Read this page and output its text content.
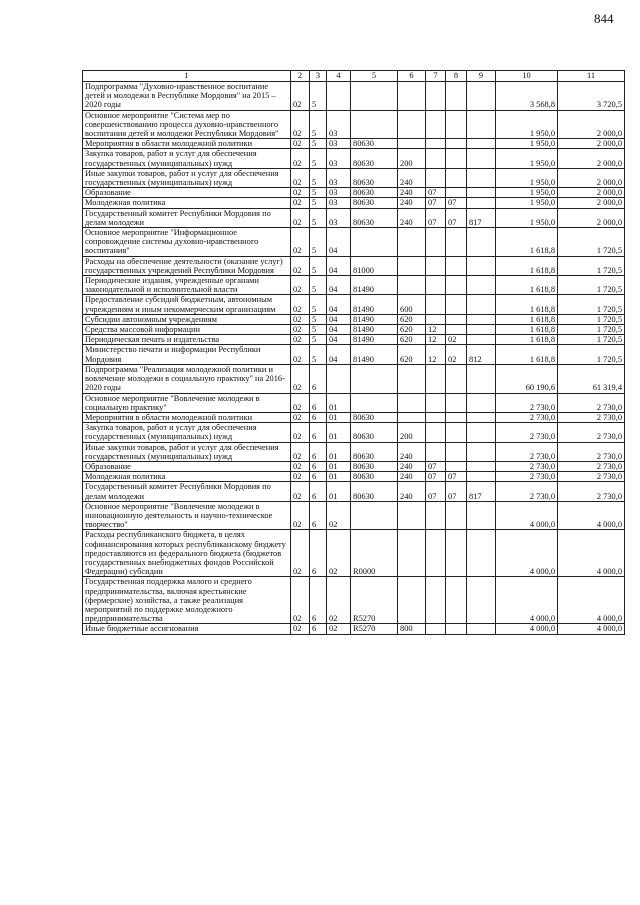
844
1	2	3	4	5	6	7	8	9	10	11
Подпрограмма "Духовно-нравственное воспитание детей и молодежи в Республике Мордовия" на 2015 – 2020 годы	02	5							3 568,8	3 720,5
Основное мероприятие "Система мер по совершенствованию процесса духовно-нравственного воспитания детей и молодежи Республики Мордовия"	02	5	03						1 950,0	2 000,0
Мероприятия в области молодежной политики	02	5	03	80630					1 950,0	2 000,0
Закупка товаров, работ и услуг для обеспечения государственных (муниципальных) нужд	02	5	03	80630	200				1 950,0	2 000,0
Иные закупки товаров, работ и услуг для обеспечения государственных (муниципальных) нужд	02	5	03	80630	240				1 950,0	2 000,0
Образование	02	5	03	80630	240	07			1 950,0	2 000,0
Молодежная политика	02	5	03	80630	240	07	07		1 950,0	2 000,0
Государственный комитет Республики Мордовия по делам молодежи	02	5	03	80630	240	07	07	817	1 950,0	2 000,0
Основное мероприятие "Информационное сопровождение системы духовно-нравственного воспитания"	02	5	04						1 618,8	1 720,5
Расходы на обеспечение деятельности (оказание услуг) государственных учреждений Республики Мордовия	02	5	04	81000					1 618,8	1 720,5
Периодические издания, учрежденные органами законодательной и исполнительной власти	02	5	04	81490					1 618,8	1 720,5
Предоставление субсидий бюджетным, автономным учреждениям и иным некоммерческим организациям	02	5	04	81490	600				1 618,8	1 720,5
Субсидии автономным учреждениям	02	5	04	81490	620				1 618,8	1 720,5
Средства массовой информации	02	5	04	81490	620	12			1 618,8	1 720,5
Периодическая печать и издательства	02	5	04	81490	620	12	02		1 618,8	1 720,5
Министерство печати и информации Республики Мордовия	02	5	04	81490	620	12	02	812	1 618,8	1 720,5
Подпрограмма "Реализация молодежной политики и вовлечение молодежи в социальную практику" на 2016-2020 годы	02	6							60 190,6	61 319,4
Основное мероприятие "Вовлечение молодежи в социальную практику"	02	6	01						2 730,0	2 730,0
Мероприятия в области молодежной политики	02	6	01	80630					2 730,0	2 730,0
Закупка товаров, работ и услуг для обеспечения государственных (муниципальных) нужд	02	6	01	80630	200				2 730,0	2 730,0
Иные закупки товаров, работ и услуг для обеспечения государственных (муниципальных) нужд	02	6	01	80630	240				2 730,0	2 730,0
Образование	02	6	01	80630	240	07			2 730,0	2 730,0
Молодежная политика	02	6	01	80630	240	07	07		2 730,0	2 730,0
Государственный комитет Республики Мордовия по делам молодежи	02	6	01	80630	240	07	07	817	2 730,0	2 730,0
Основное мероприятие "Вовлечение молодежи в инновационную деятельность и научно-техническое творчество"	02	6	02						4 000,0	4 000,0
Расходы республиканского бюджета, в целях софинансирования которых республиканскому бюджету предоставляются из федерального бюджета (бюджетов государственных внебюджетных фондов Российской Федерации) субсидии	02	6	02	R0000					4 000,0	4 000,0
Государственная поддержка малого и среднего предпринимательства, включая крестьянские (фермерские) хозяйства, а также реализация мероприятий по поддержке молодежного предпринимательства	02	6	02	R5270					4 000,0	4 000,0
Иные бюджетные ассигнования	02	6	02	R5270	800				4 000,0	4 000,0
